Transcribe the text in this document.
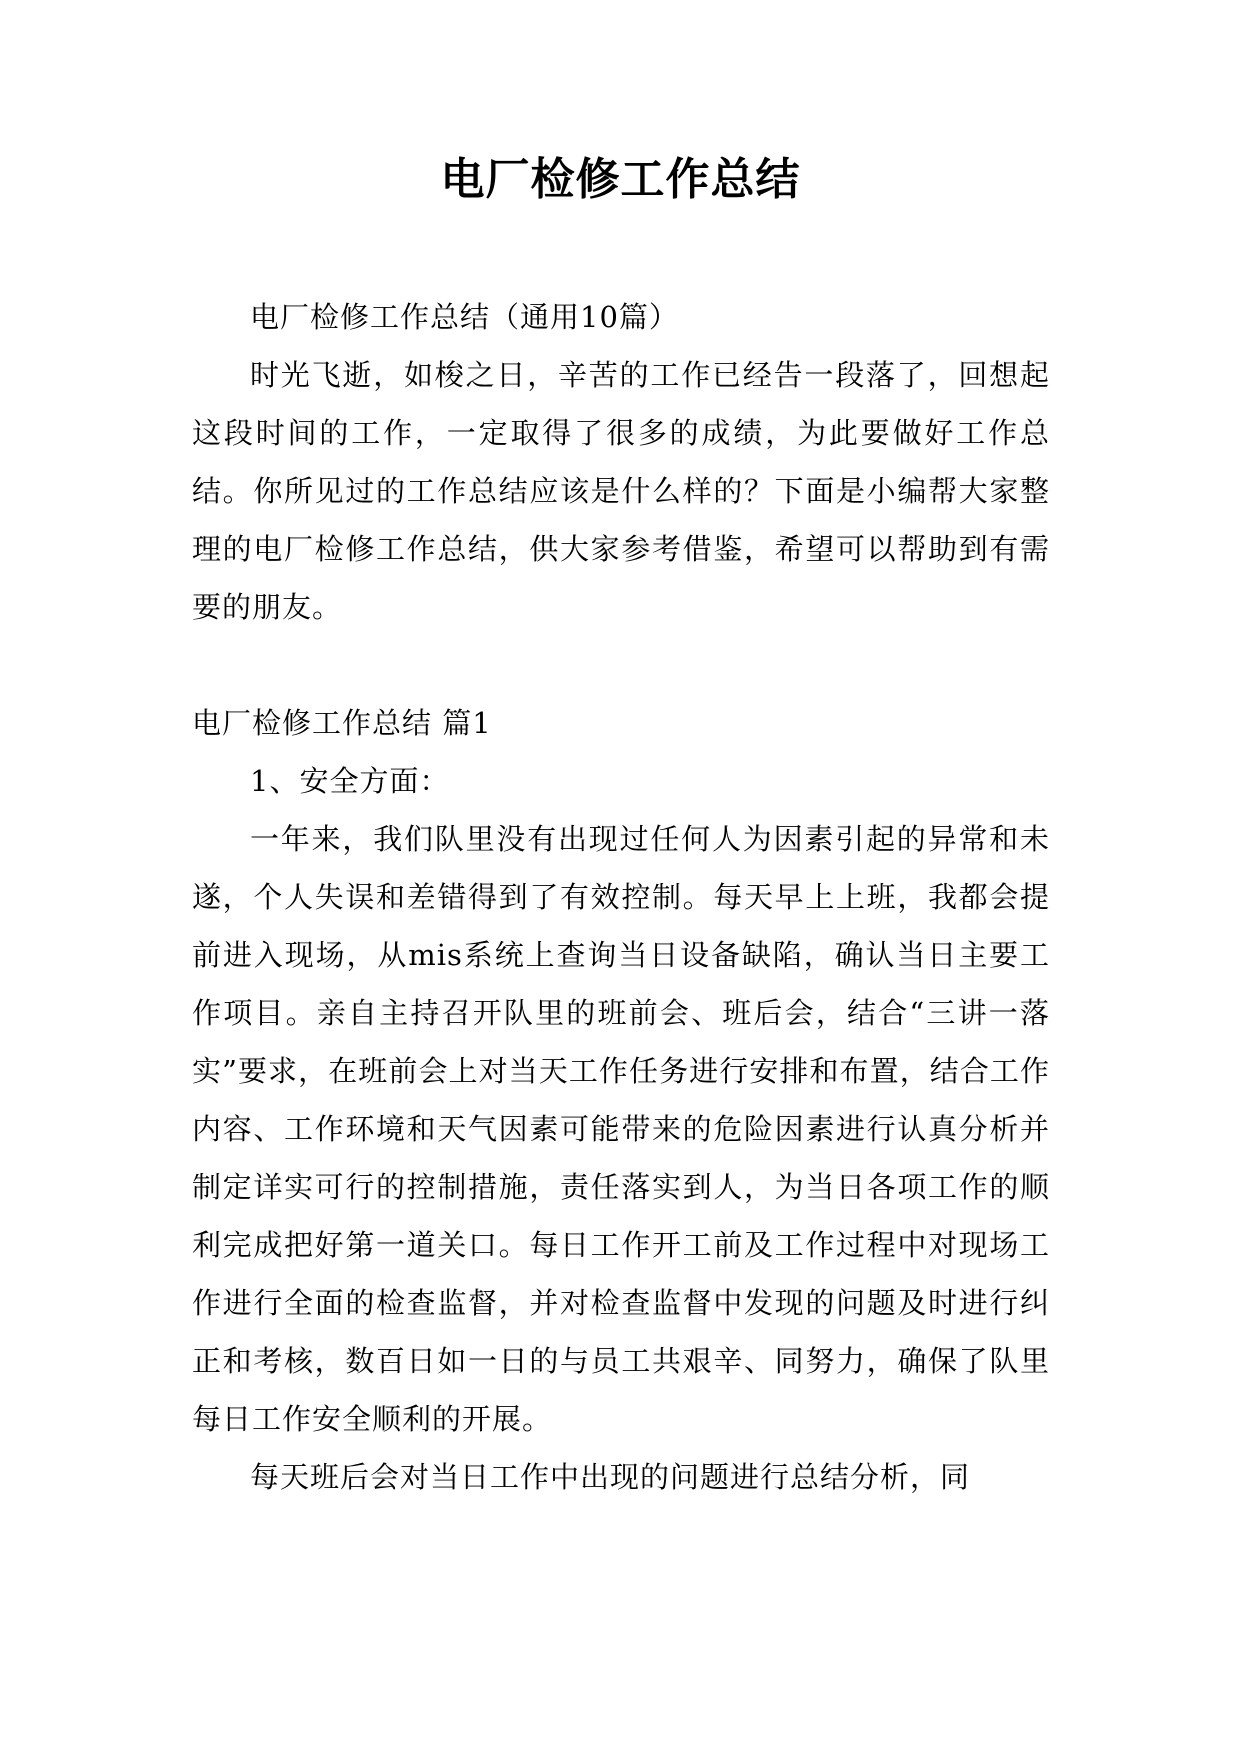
电厂检修工作总结

电厂检修工作总结（通用10篇）

时光飞逝，如梭之日，辛苦的工作已经告一段落了，回想起这段时间的工作，一定取得了很多的成绩，为此要做好工作总结。你所见过的工作总结应该是什么样的？下面是小编帮大家整理的电厂检修工作总结，供大家参考借鉴，希望可以帮助到有需要的朋友。

电厂检修工作总结 篇1

1、安全方面：

一年来，我们队里没有出现过任何人为因素引起的异常和未遂，个人失误和差错得到了有效控制。每天早上上班，我都会提前进入现场，从mis系统上查询当日设备缺陷，确认当日主要工作项目。亲自主持召开队里的班前会、班后会，结合“三讲一落实”要求，在班前会上对当天工作任务进行安排和布置，结合工作内容、工作环境和天气因素可能带来的危险因素进行认真分析并制定详实可行的控制措施，责任落实到人，为当日各项工作的顺利完成把好第一道关口。每日工作开工前及工作过程中对现场工作进行全面的检查监督，并对检查监督中发现的问题及时进行纠正和考核，数百日如一日的与员工共艰辛、同努力，确保了队里每日工作安全顺利的开展。

每天班后会对当日工作中出现的问题进行总结分析，同
